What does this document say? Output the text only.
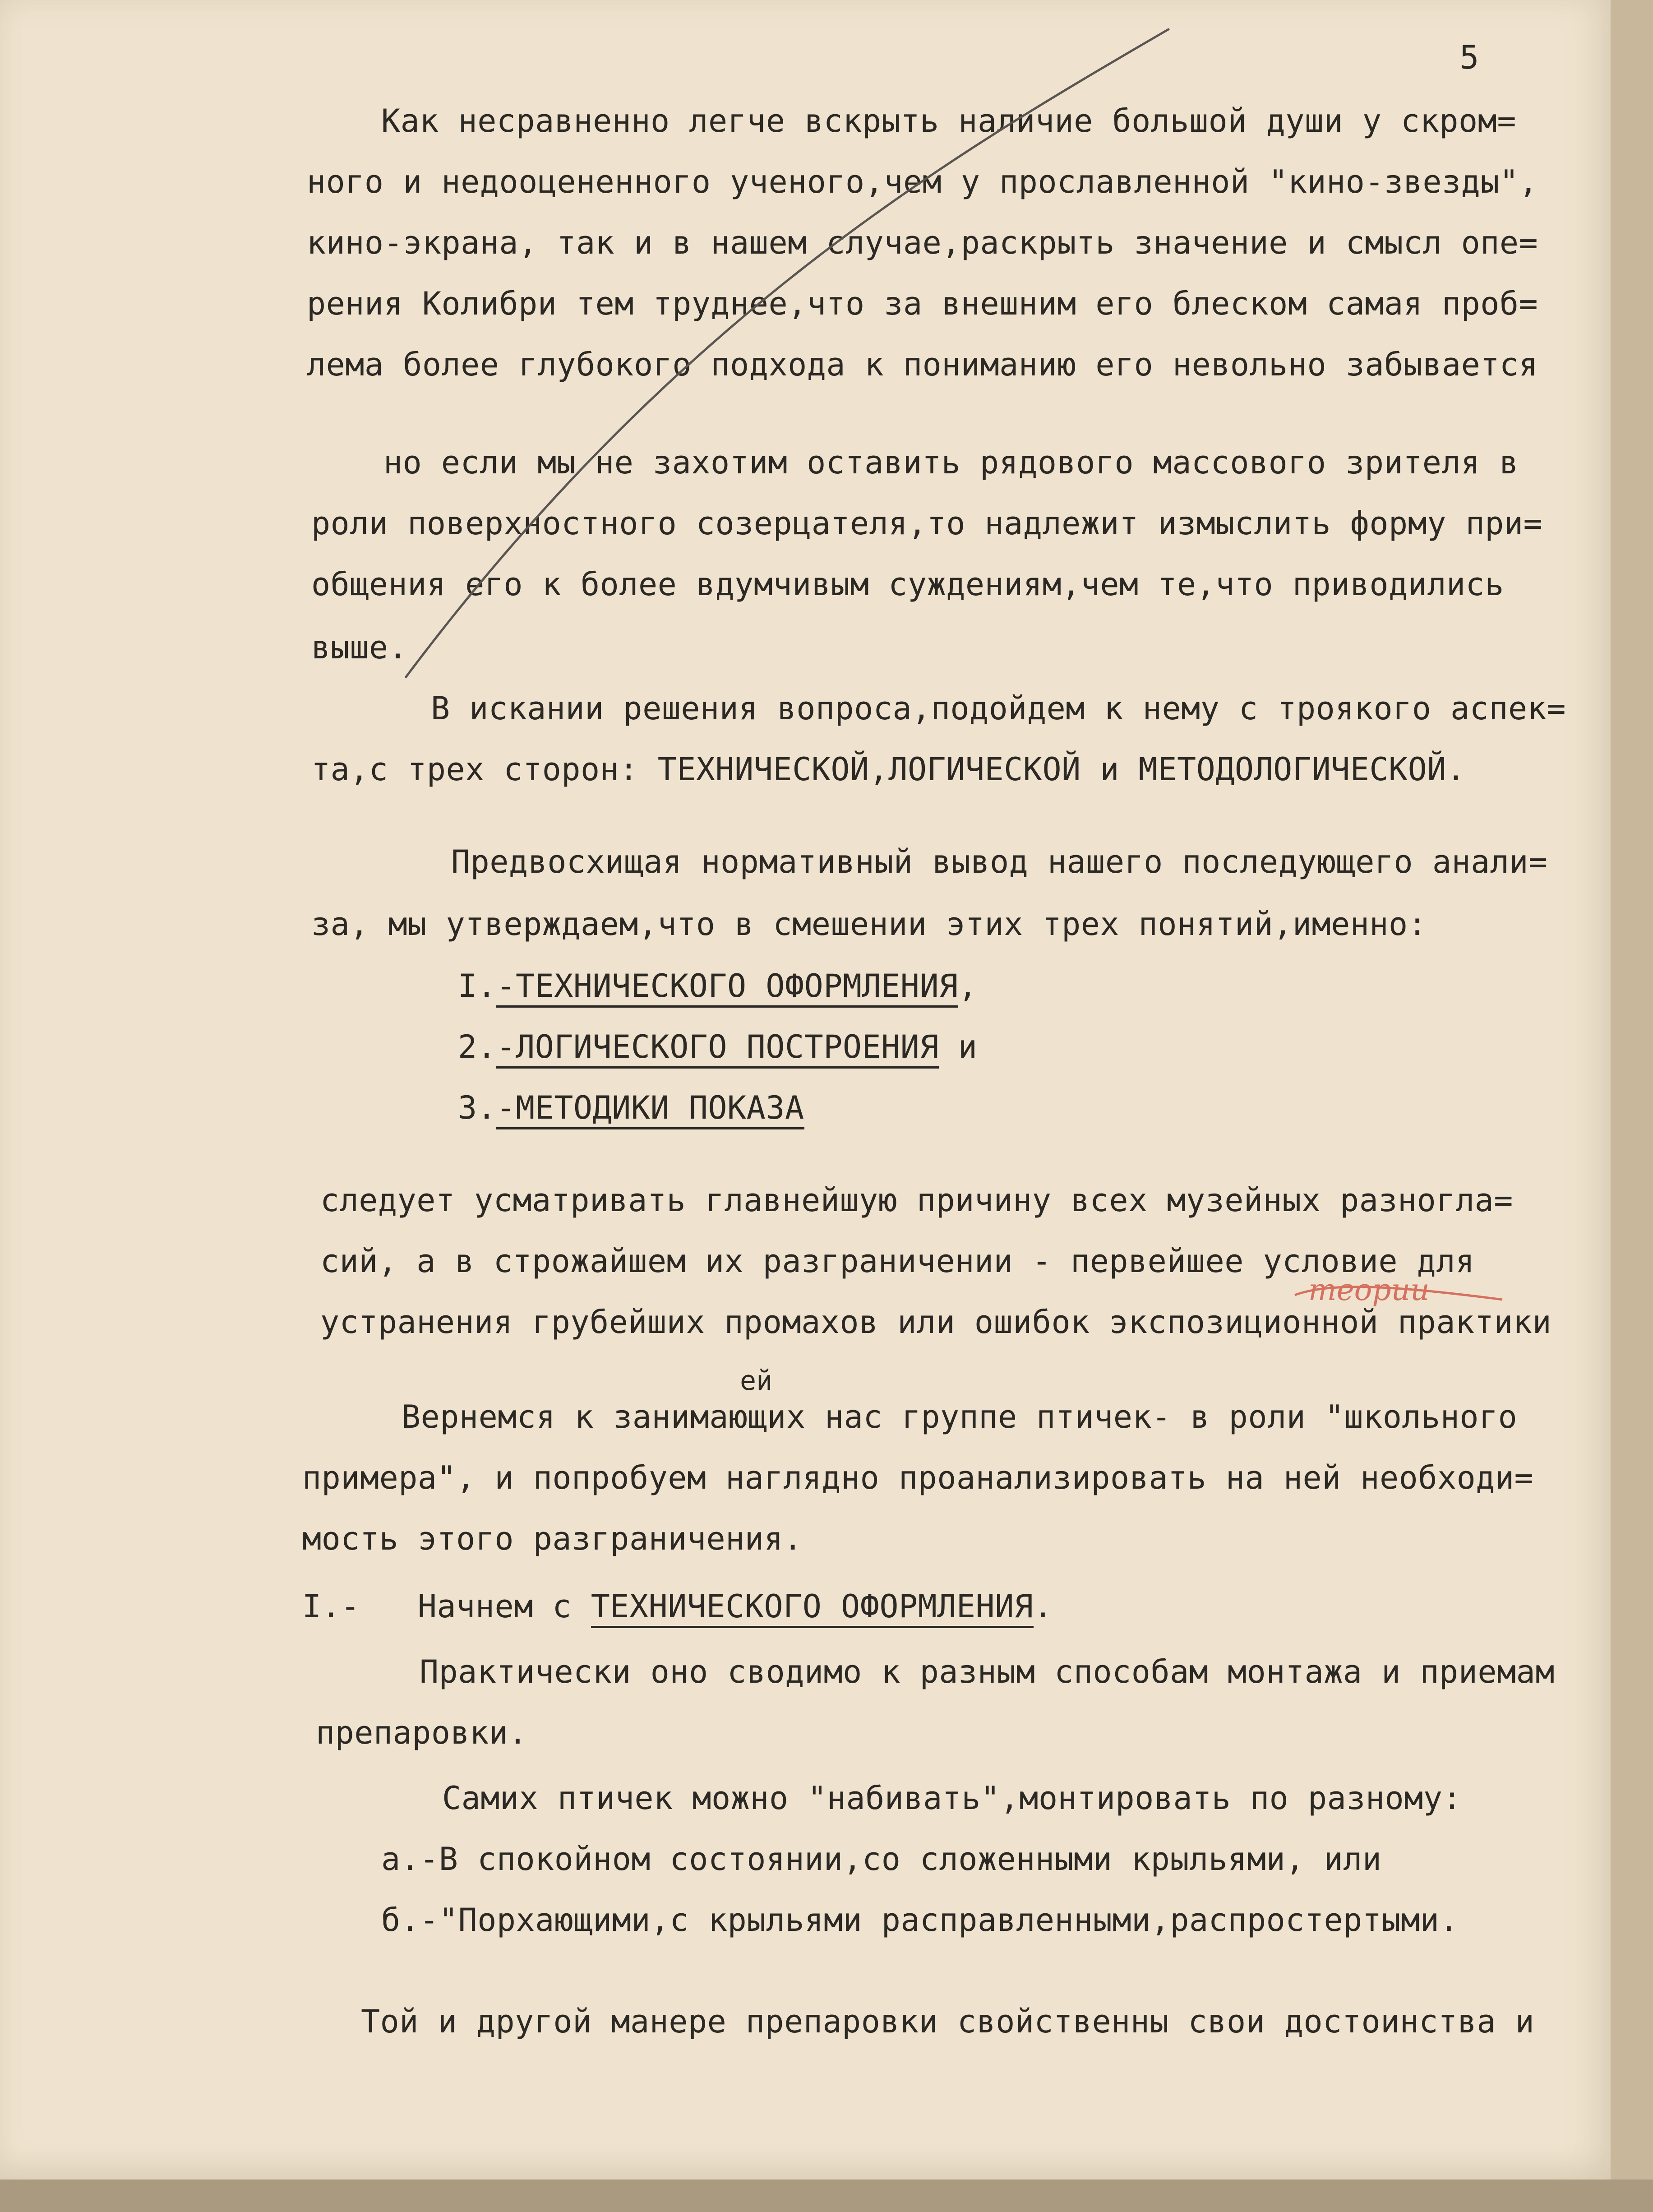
5
Как несравненно легче вскрыть наличие большой души у скром=
ного и недооцененного ученого,чем у прославленной "кино-звезды",
кино-экрана, так и в нашем случае,раскрыть значение и смысл опе=
рения Колибри тем труднее,что за внешним его блеском самая проб=
лема более глубокого подхода к пониманию его невольно забывается
но если мы не захотим оставить рядового массового зрителя в
роли поверхностного созерцателя,то надлежит измыслить форму при=
общения его к более вдумчивым суждениям,чем те,что приводились
выше.
В искании решения вопроса,подойдем к нему с троякого аспек=
та,с трех сторон: ТЕХНИЧЕСКОЙ,ЛОГИЧЕСКОЙ и МЕТОДОЛОГИЧЕСКОЙ.
Предвосхищая нормативный вывод нашего последующего анали=
за, мы утверждаем,что в смешении этих трех понятий,именно:
I.-ТЕХНИЧЕСКОГО ОФОРМЛЕНИЯ,
2.-ЛОГИЧЕСКОГО ПОСТРОЕНИЯ и
3.-МЕТОДИКИ ПОКАЗА
следует усматривать главнейшую причину всех музейных разногла=
сий, а в строжайшем их разграничении - первейшее условие для
устранения грубейших промахов или ошибок экспозиционной практики
теории
ей
Вернемся к занимающих нас группе птичек- в роли "школьного
примера", и попробуем наглядно проанализировать на ней необходи=
мость этого разграничения.
I.- Начнем с ТЕХНИЧЕСКОГО ОФОРМЛЕНИЯ.
Практически оно сводимо к разным способам монтажа и приемам
препаровки.
Самих птичек можно "набивать",монтировать по разному:
а.-В спокойном состоянии,со сложенными крыльями, или
б.-"Порхающими,с крыльями расправленными,распростертыми.
Той и другой манере препаровки свойственны свои достоинства и
